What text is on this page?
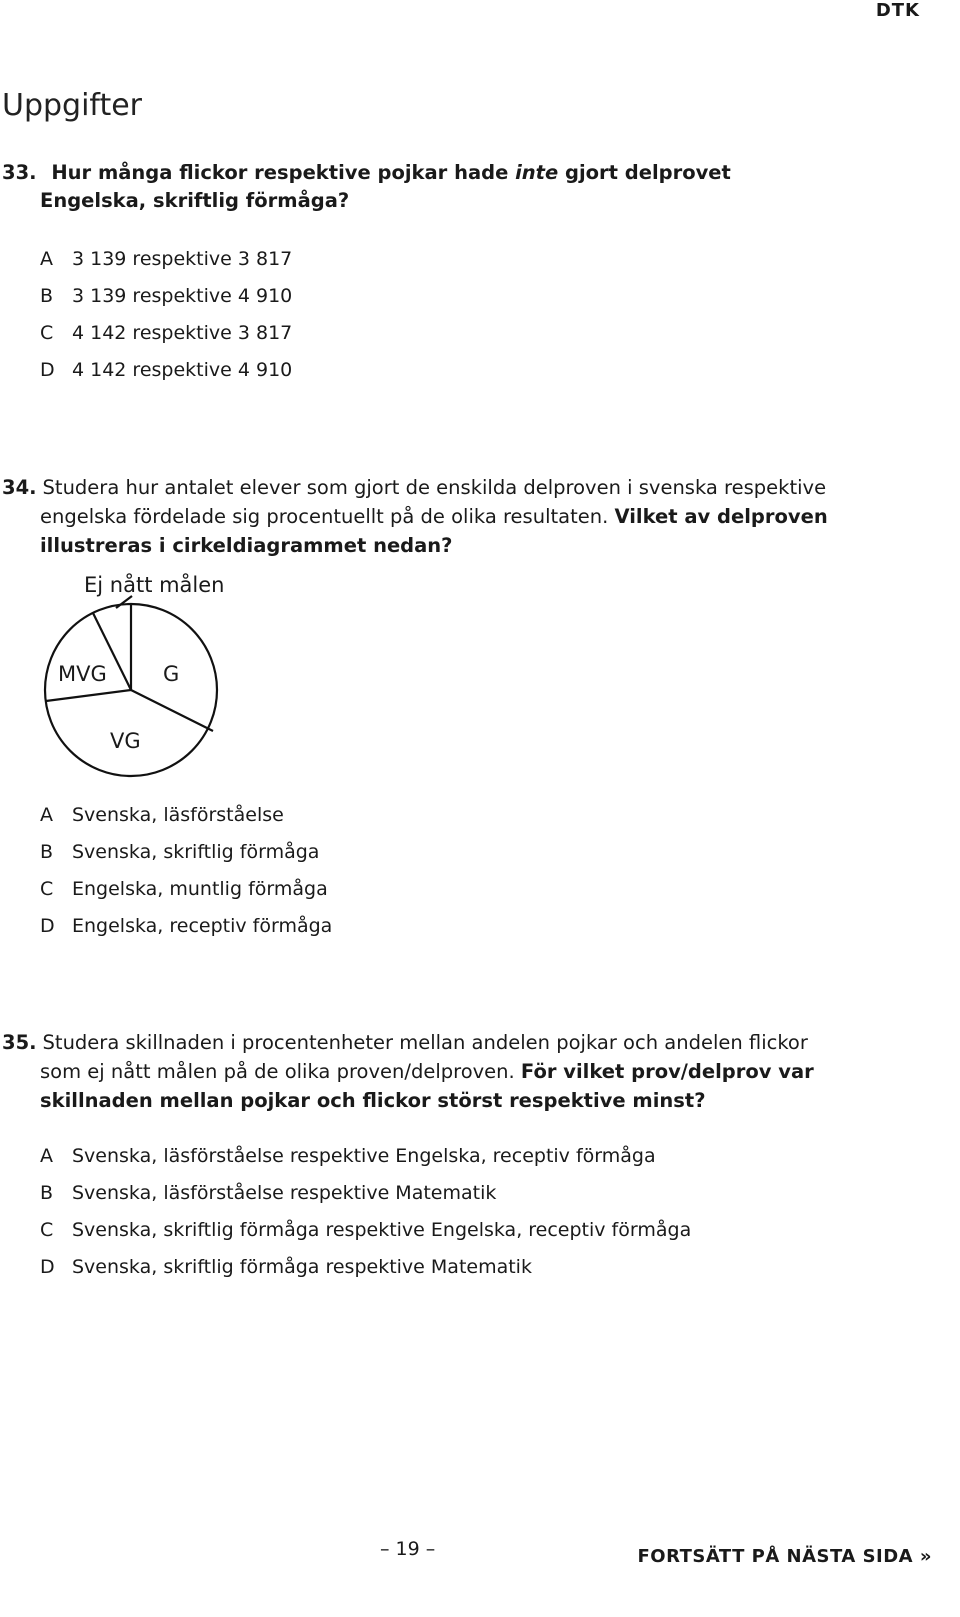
DTK
Uppgifter
33. Hur många flickor respektive pojkar hade inte gjort delprovet
Engelska, skriftlig förmåga?
A 3 139 respektive 3 817
B 3 139 respektive 4 910
C 4 142 respektive 3 817
D 4 142 respektive 4 910
34. Studera hur antalet elever som gjort de enskilda delproven i svenska respektive
engelska fördelade sig procentuellt på de olika resultaten. Vilket av delproven
illustreras i cirkeldiagrammet nedan?
Ej nått målen
MVG	G
VG
A Svenska, läsförståelse
B Svenska, skriftlig förmåga
C Engelska, muntlig förmåga
D Engelska, receptiv förmåga
35. Studera skillnaden i procentenheter mellan andelen pojkar och andelen flickor
som ej nått målen på de olika proven/delproven. För vilket prov/delprov var
skillnaden mellan pojkar och flickor störst respektive minst?
A Svenska, läsförståelse respektive Engelska, receptiv förmåga
B Svenska, läsförståelse respektive Matematik
C Svenska, skriftlig förmåga respektive Engelska, receptiv förmåga
D Svenska, skriftlig förmåga respektive Matematik
– 19 –	FORTSÄTT PÅ NÄSTA SIDA »
